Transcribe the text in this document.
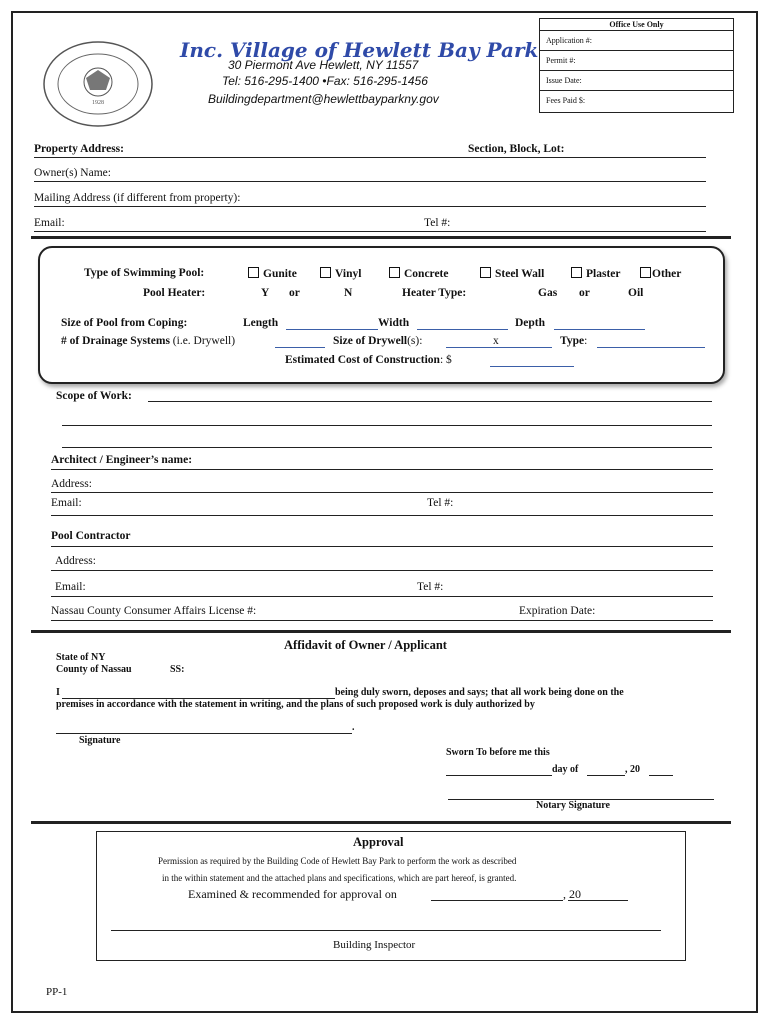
1928
Inc. Village of Hewlett Bay Park
30 Piermont Ave Hewlett, NY 11557
Tel: 516-295-1400 •Fax: 516-295-1456
Buildingdepartment@hewlettbayparkny.gov
Office Use Only
Application #:
Permit #:
Issue Date:
Fees Paid $:
Property Address:	Section, Block, Lot:
Owner(s) Name:
Mailing Address (if different from property):
Email:	Tel #:
Type of Swimming Pool:	Gunite	Vinyl	Concrete	Steel Wall	Plaster	Other
Pool Heater:	Y or	N	Heater Type:	Gas or	Oil
Size of Pool from Coping:	Length	Width	Depth
# of Drainage Systems (i.e. Drywell)	Size of Drywell(s):	x	Type:
Estimated Cost of Construction: $
Scope of Work:
Architect / Engineer’s name:
Address:
Email:	Tel #:
Pool Contractor
Address:
Email:	Tel #:
Nassau County Consumer Affairs License #:	Expiration Date:
Affidavit of Owner / Applicant
State of NY
County of Nassau	SS:
I	being duly sworn, deposes and says; that all work being done on the
premises in accordance with the statement in writing, and the plans of such proposed work is duly authorized by
.
Signature
Sworn To before me this
day of	, 20
Notary Signature
Approval
Permission as required by the Building Code of Hewlett Bay Park to perform the work as described
in the within statement and the attached plans and specifications, which are part hereof, is granted.
Examined & recommended for approval on	, 20
Building Inspector
PP-1
